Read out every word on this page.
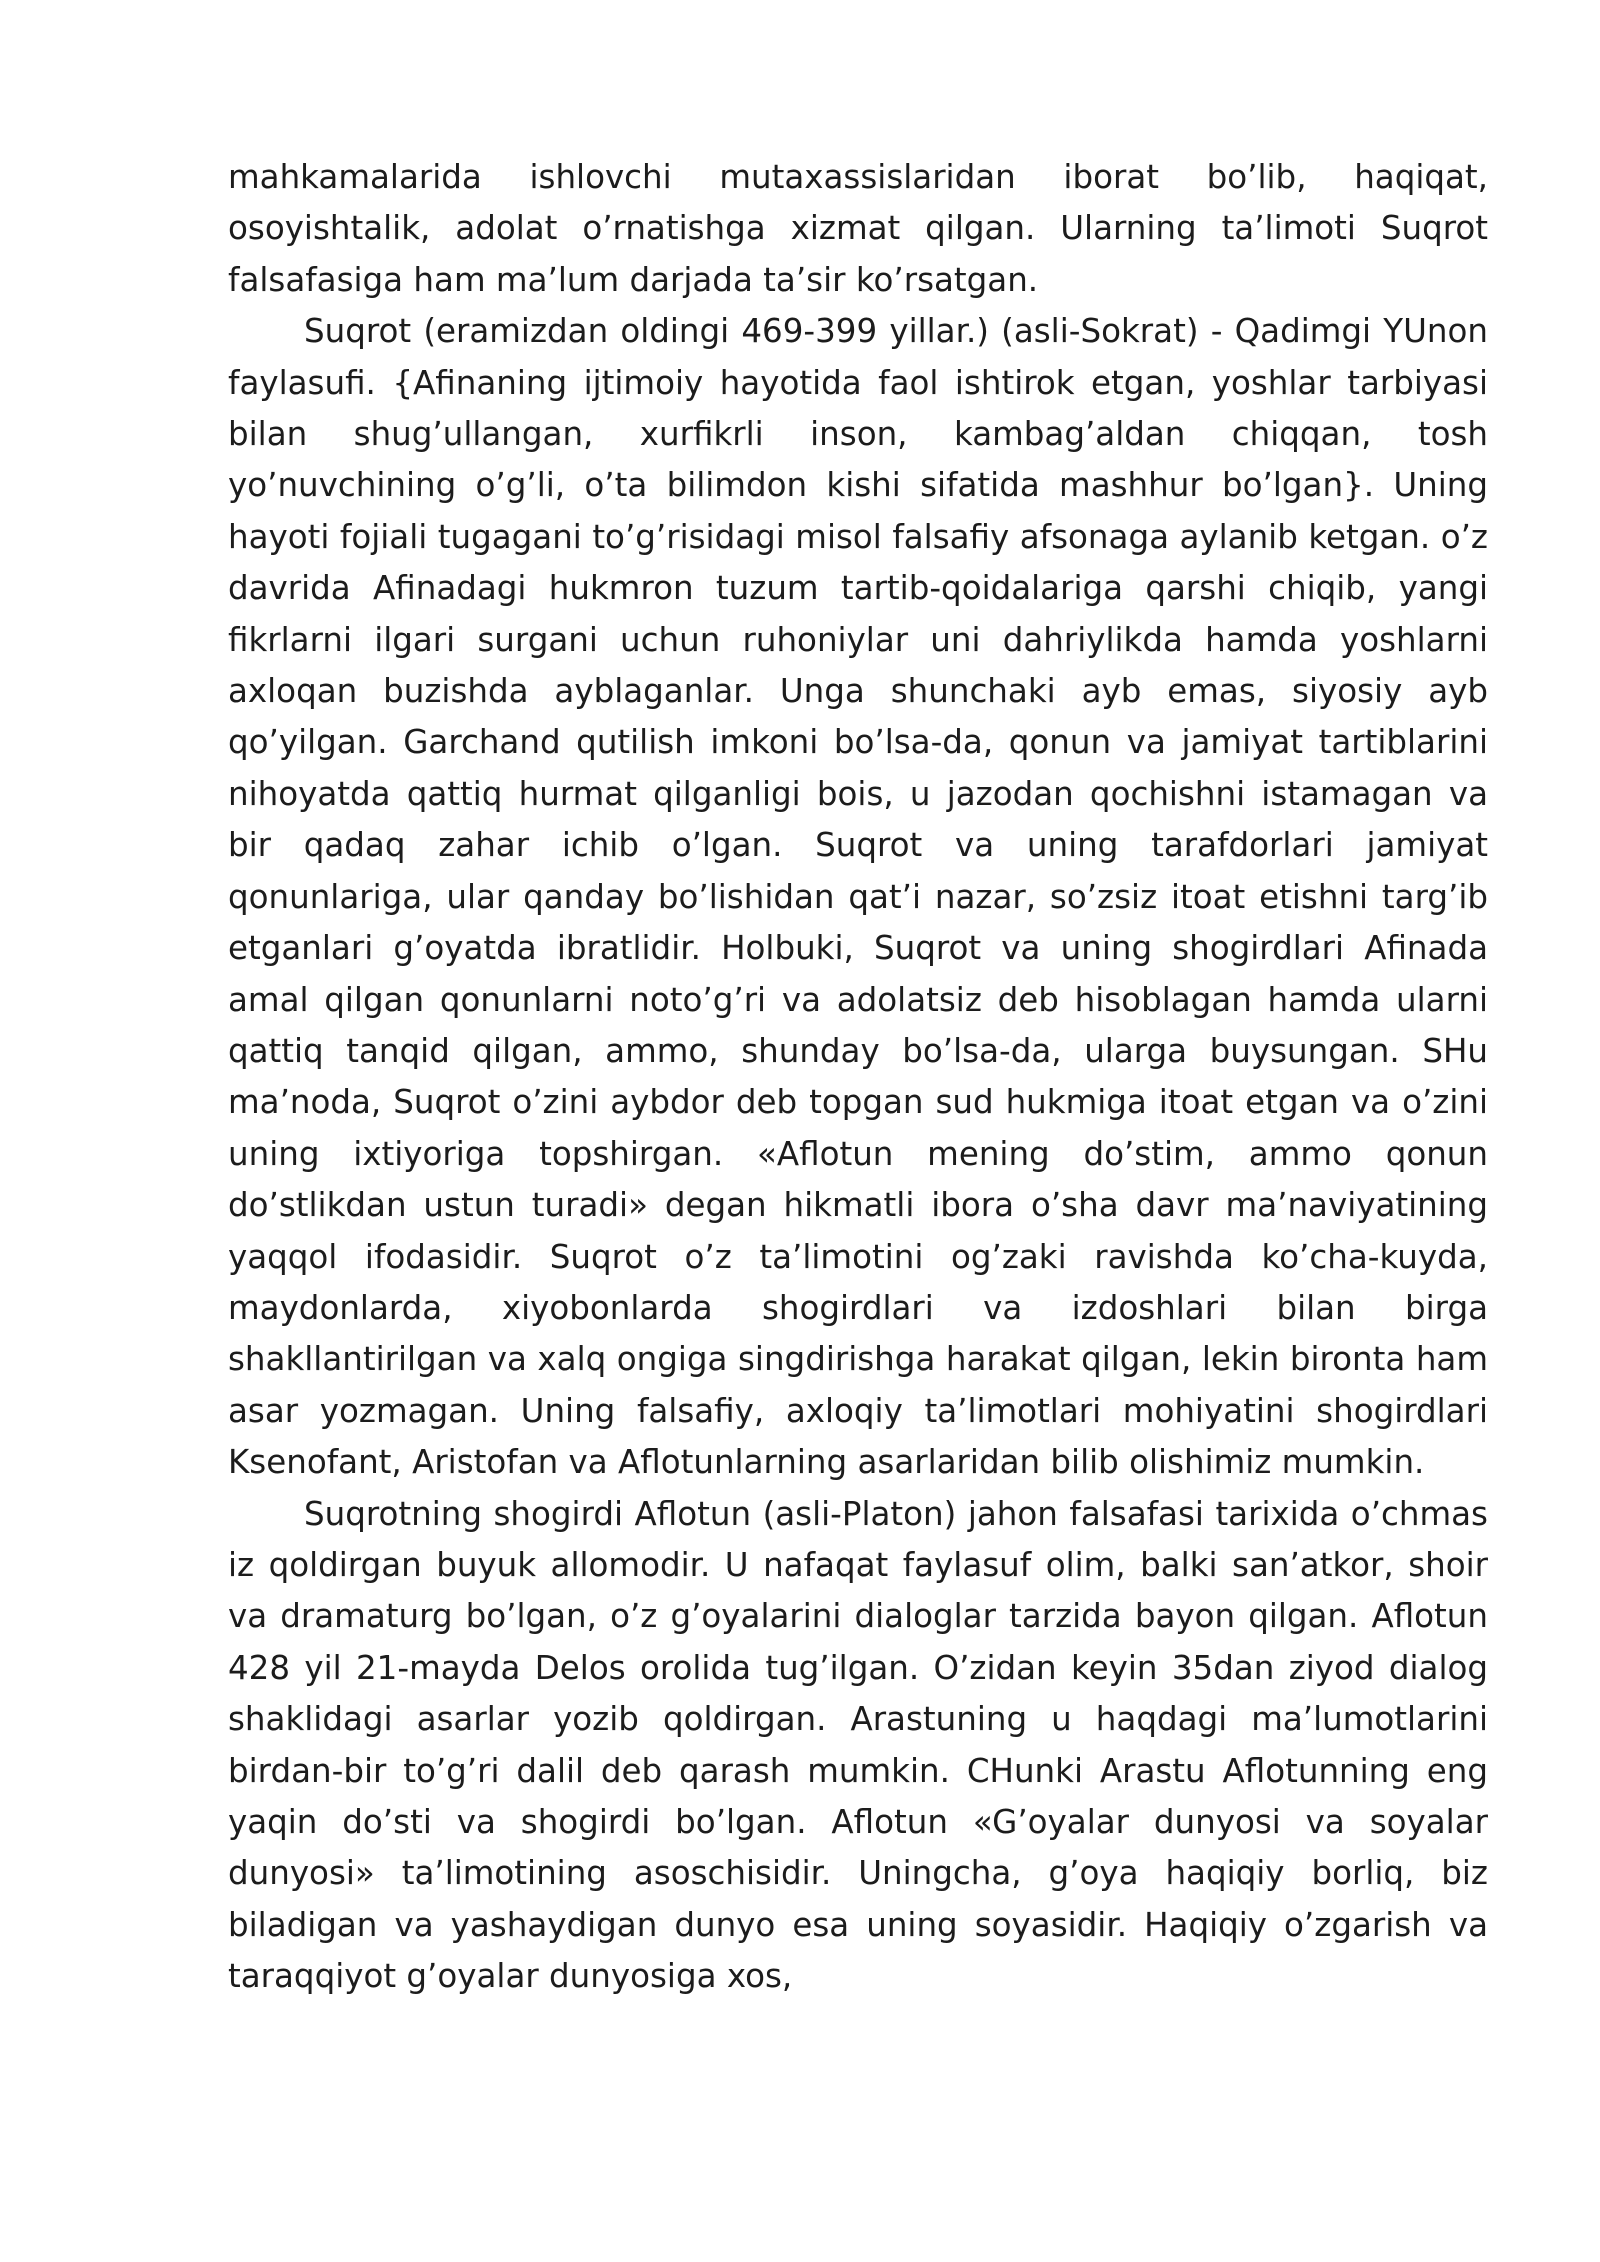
mahkamalarida ishlovchi mutaxassislaridan iborat bo’lib, haqiqat, osoyishtalik, adolat o’rnatishga xizmat qilgan. Ularning ta’limoti Suqrot falsafasiga ham ma’lum darjada ta’sir ko’rsatgan.

Suqrot (eramizdan oldingi 469-399 yillar.) (asli-Sokrat) - Qadimgi YUnon faylasufi. {Afinaning ijtimoiy hayotida faol ishtirok etgan, yoshlar tarbiyasi bilan shug’ullangan, xurfikrli inson, kambag’aldan chiqqan, tosh yo’nuvchining o’g’li, o’ta bilimdon kishi sifatida mashhur bo’lgan}. Uning hayoti fojiali tugagani to’g’risidagi misol falsafiy afsonaga aylanib ketgan. o’z davrida Afinadagi hukmron tuzum tartib-qoidalariga qarshi chiqib, yangi fikrlarni ilgari surgani uchun ruhoniylar uni dahriylikda hamda yoshlarni axloqan buzishda ayblaganlar. Unga shunchaki ayb emas, siyosiy ayb qo’yilgan. Garchand qutilish imkoni bo’lsa-da, qonun va jamiyat tartiblarini nihoyatda qattiq hurmat qilganligi bois, u jazodan qochishni istamagan va bir qadaq zahar ichib o’lgan. Suqrot va uning tarafdorlari jamiyat qonunlariga, ular qanday bo’lishidan qat’i nazar, so’zsiz itoat etishni targ’ib etganlari g’oyatda ibratlidir. Holbuki, Suqrot va uning shogirdlari Afinada amal qilgan qonunlarni noto’g’ri va adolatsiz deb hisoblagan hamda ularni qattiq tanqid qilgan, ammo, shunday bo’lsa-da, ularga buysungan. SHu ma’noda, Suqrot o’zini aybdor deb topgan sud hukmiga itoat etgan va o’zini uning ixtiyoriga topshirgan. «Aflotun mening do’stim, ammo qonun do’stlikdan ustun turadi» degan hikmatli ibora o’sha davr ma’naviyatining yaqqol ifodasidir. Suqrot o’z ta’limotini og’zaki ravishda ko’cha-kuyda, maydonlarda, xiyobonlarda shogirdlari va izdoshlari bilan birga shakllantirilgan va xalq ongiga singdirishga harakat qilgan, lekin bironta ham asar yozmagan. Uning falsafiy, axloqiy ta’limotlari mohiyatini shogirdlari Ksenofant, Aristofan va Aflotunlarning asarlaridan bilib olishimiz mumkin.

Suqrotning shogirdi Aflotun (asli-Platon) jahon falsafasi tarixida o’chmas iz qoldirgan buyuk allomodir. U nafaqat faylasuf olim, balki san’atkor, shoir va dramaturg bo’lgan, o’z g’oyalarini dialoglar tarzida bayon qilgan. Aflotun 428 yil 21-mayda Delos orolida tug’ilgan. O’zidan keyin 35dan ziyod dialog shaklidagi asarlar yozib qoldirgan. Arastuning u haqdagi ma’lumotlarini birdan-bir to’g’ri dalil deb qarash mumkin. CHunki Arastu Aflotunning eng yaqin do’sti va shogirdi bo’lgan. Aflotun «G’oyalar dunyosi va soyalar dunyosi» ta’limotining asoschisidir. Uningcha, g’oya haqiqiy borliq, biz biladigan va yashaydigan dunyo esa uning soyasidir. Haqiqiy o’zgarish va taraqqiyot g’oyalar dunyosiga xos,
